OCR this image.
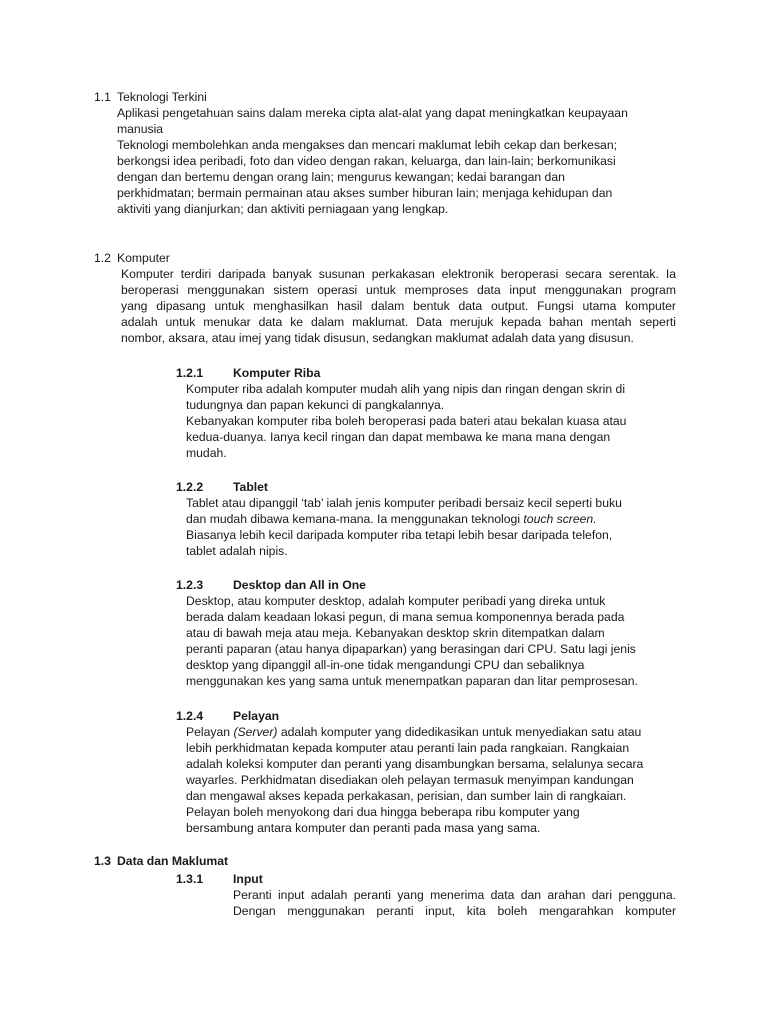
1.1 Teknologi Terkini
Aplikasi pengetahuan sains dalam mereka cipta alat-alat yang dapat meningkatkan keupayaan
manusia
Teknologi membolehkan anda mengakses dan mencari maklumat lebih cekap dan berkesan;
berkongsi idea peribadi, foto dan video dengan rakan, keluarga, dan lain-lain; berkomunikasi
dengan dan bertemu dengan orang lain; mengurus kewangan; kedai barangan dan
perkhidmatan; bermain permainan atau akses sumber hiburan lain; menjaga kehidupan dan
aktiviti yang dianjurkan; dan aktiviti perniagaan yang lengkap.
1.2 Komputer
Komputer terdiri daripada banyak susunan perkakasan elektronik beroperasi secara serentak. Ia
beroperasi menggunakan sistem operasi untuk memproses data input menggunakan program
yang dipasang untuk menghasilkan hasil dalam bentuk data output. Fungsi utama komputer
adalah untuk menukar data ke dalam maklumat. Data merujuk kepada bahan mentah seperti
nombor, aksara, atau imej yang tidak disusun, sedangkan maklumat adalah data yang disusun.
1.2.1 Komputer Riba
Komputer riba adalah komputer mudah alih yang nipis dan ringan dengan skrin di
tudungnya dan papan kekunci di pangkalannya.
Kebanyakan komputer riba boleh beroperasi pada bateri atau bekalan kuasa atau
kedua-duanya. Ianya kecil ringan dan dapat membawa ke mana mana dengan
mudah.
1.2.2 Tablet
Tablet atau dipanggil ‘tab’ ialah jenis komputer peribadi bersaiz kecil seperti buku
dan mudah dibawa kemana-mana. Ia menggunakan teknologi touch screen.
Biasanya lebih kecil daripada komputer riba tetapi lebih besar daripada telefon,
tablet adalah nipis.
1.2.3 Desktop dan All in One
Desktop, atau komputer desktop, adalah komputer peribadi yang direka untuk
berada dalam keadaan lokasi pegun, di mana semua komponennya berada pada
atau di bawah meja atau meja. Kebanyakan desktop skrin ditempatkan dalam
peranti paparan (atau hanya dipaparkan) yang berasingan dari CPU. Satu lagi jenis
desktop yang dipanggil all-in-one tidak mengandungi CPU dan sebaliknya
menggunakan kes yang sama untuk menempatkan paparan dan litar pemprosesan.
1.2.4 Pelayan
Pelayan (Server) adalah komputer yang didedikasikan untuk menyediakan satu atau
lebih perkhidmatan kepada komputer atau peranti lain pada rangkaian. Rangkaian
adalah koleksi komputer dan peranti yang disambungkan bersama, selalunya secara
wayarles. Perkhidmatan disediakan oleh pelayan termasuk menyimpan kandungan
dan mengawal akses kepada perkakasan, perisian, dan sumber lain di rangkaian.
Pelayan boleh menyokong dari dua hingga beberapa ribu komputer yang
bersambung antara komputer dan peranti pada masa yang sama.
1.3 Data dan Maklumat
1.3.1 Input
Peranti input adalah peranti yang menerima data dan arahan dari pengguna.
Dengan menggunakan peranti input, kita boleh mengarahkan komputer
